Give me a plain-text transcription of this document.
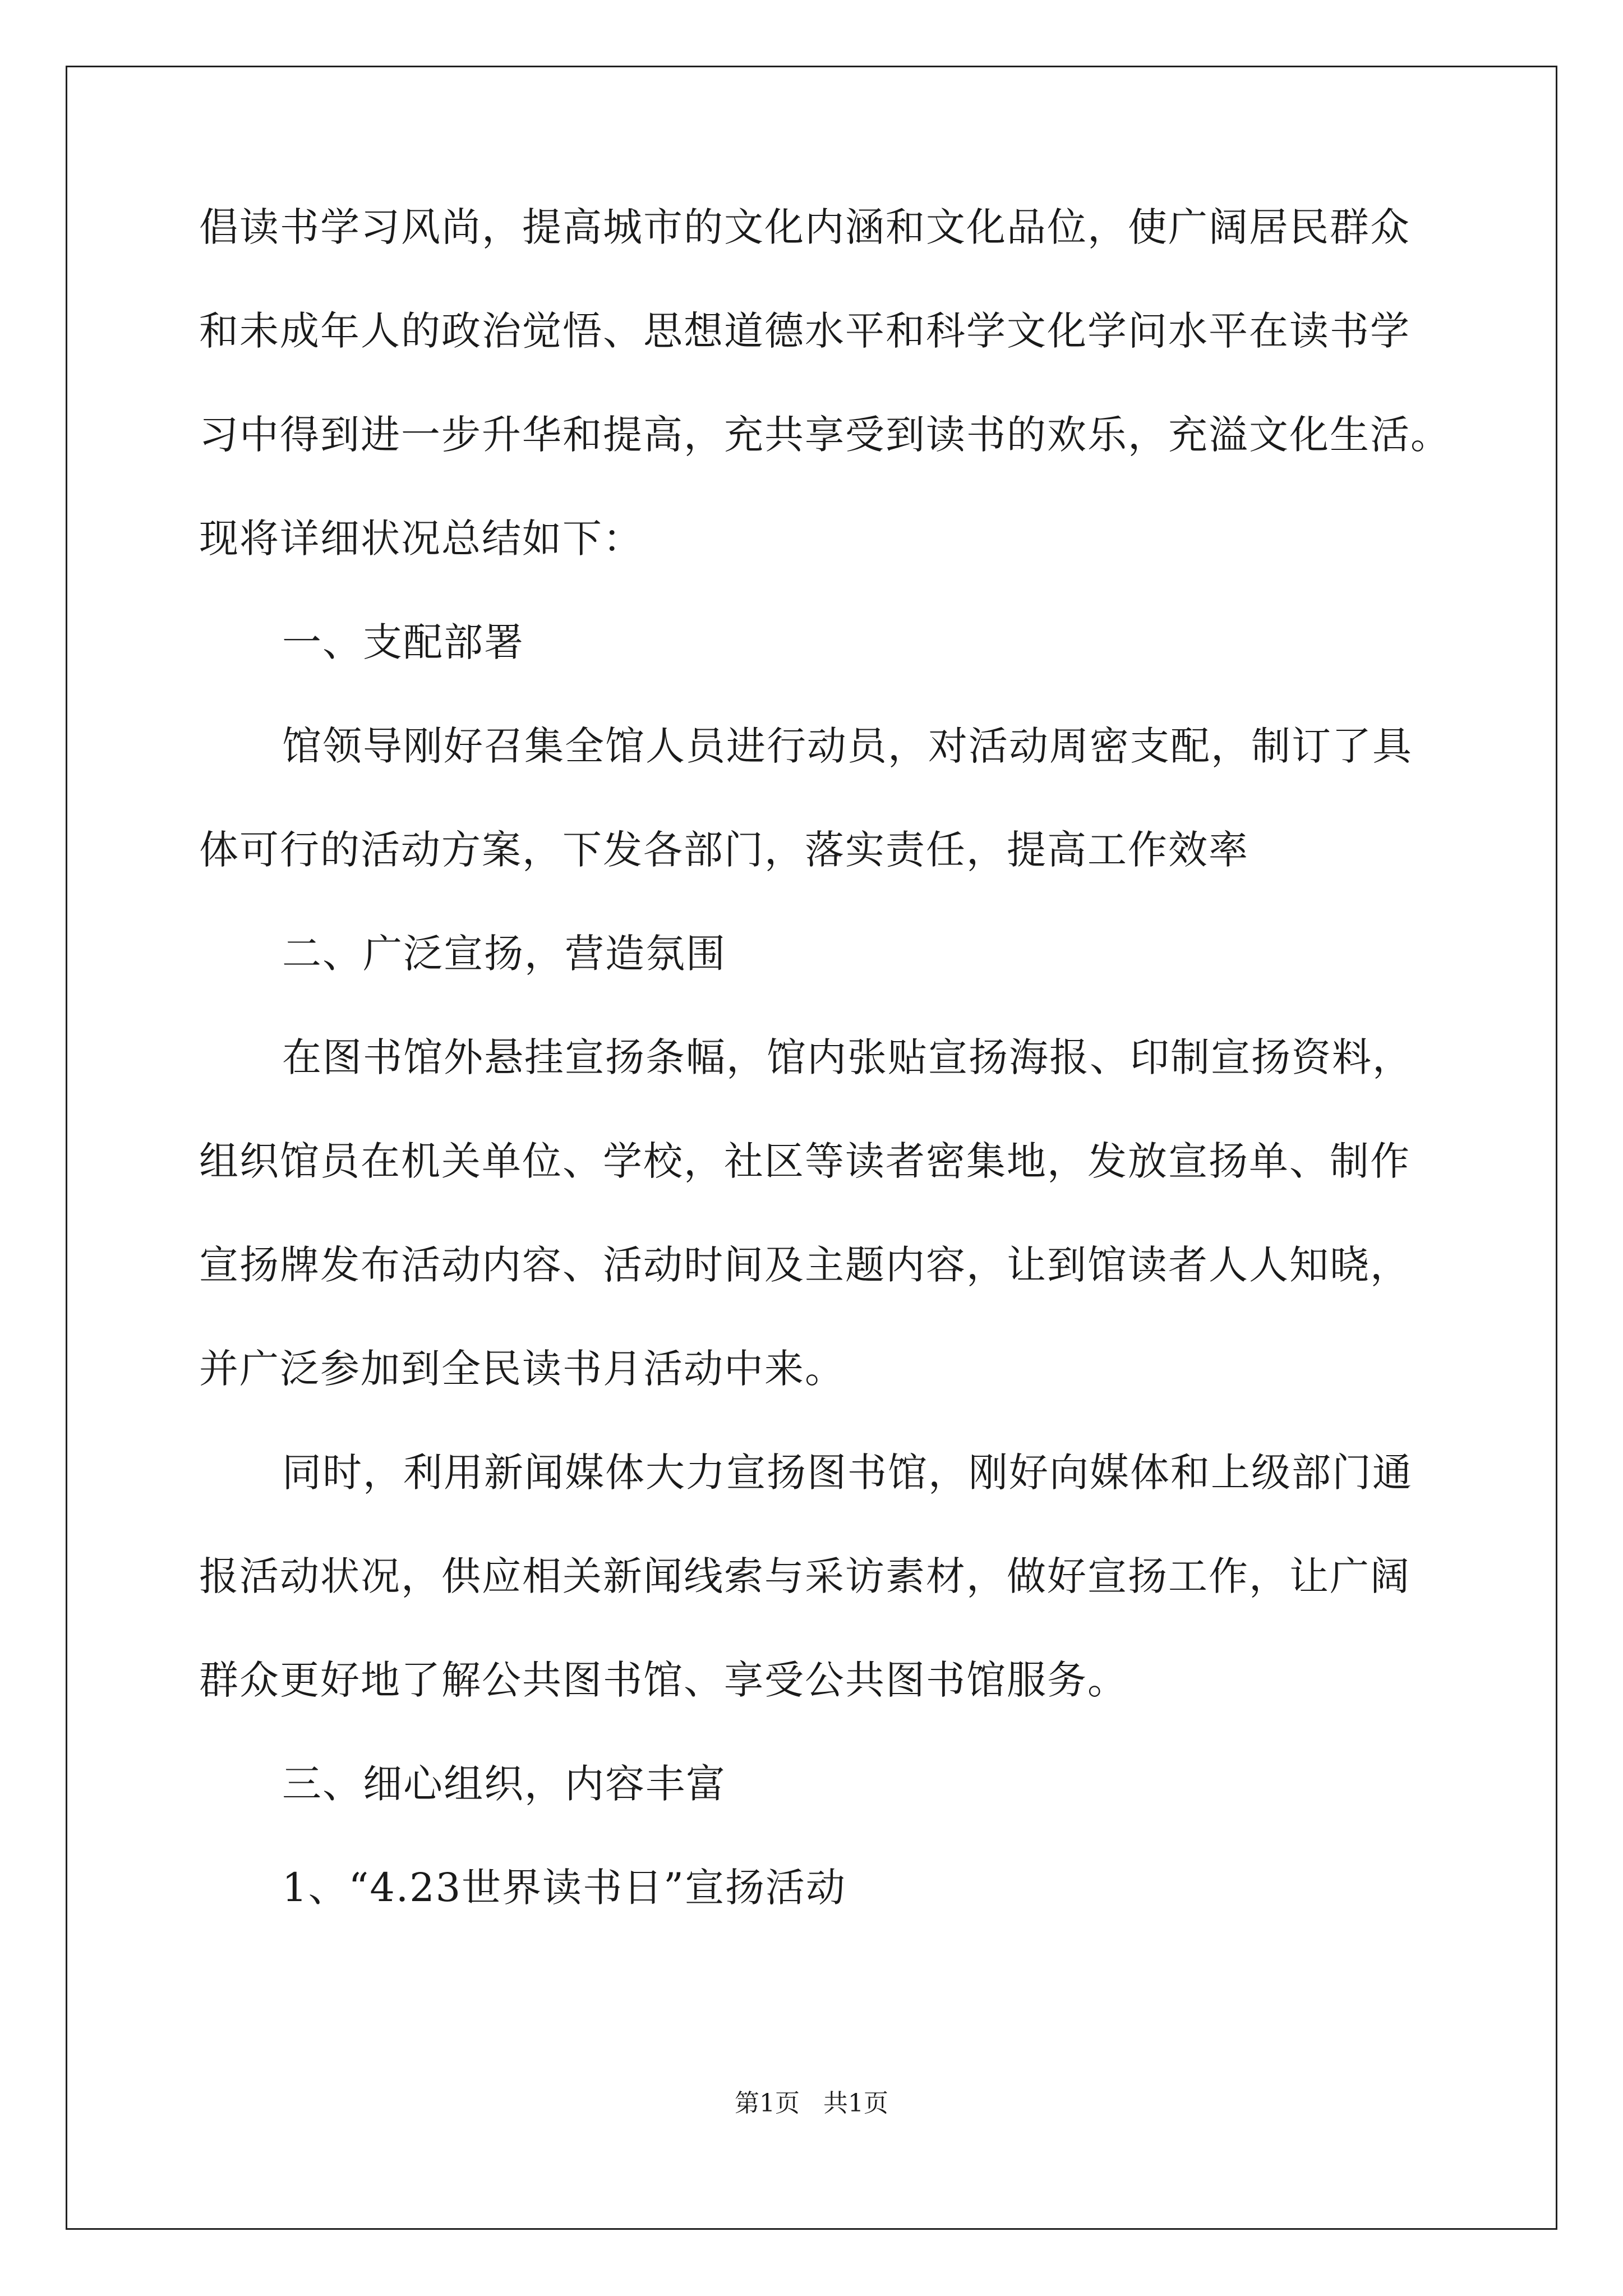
倡读书学习风尚，提高城市的文化内涵和文化品位，使广阔居民群众
和未成年人的政治觉悟、思想道德水平和科学文化学问水平在读书学
习中得到进一步升华和提高，充共享受到读书的欢乐，充溢文化生活。
现将详细状况总结如下：
一、支配部署
馆领导刚好召集全馆人员进行动员，对活动周密支配，制订了具
体可行的活动方案，下发各部门，落实责任，提高工作效率
二、广泛宣扬，营造氛围
在图书馆外悬挂宣扬条幅，馆内张贴宣扬海报、印制宣扬资料，
组织馆员在机关单位、学校，社区等读者密集地，发放宣扬单、制作
宣扬牌发布活动内容、活动时间及主题内容，让到馆读者人人知晓，
并广泛参加到全民读书月活动中来。
同时，利用新闻媒体大力宣扬图书馆，刚好向媒体和上级部门通
报活动状况，供应相关新闻线索与采访素材，做好宣扬工作，让广阔
群众更好地了解公共图书馆、享受公共图书馆服务。
三、细心组织，内容丰富
1、“4.23世界读书日”宣扬活动
第1页   共1页
